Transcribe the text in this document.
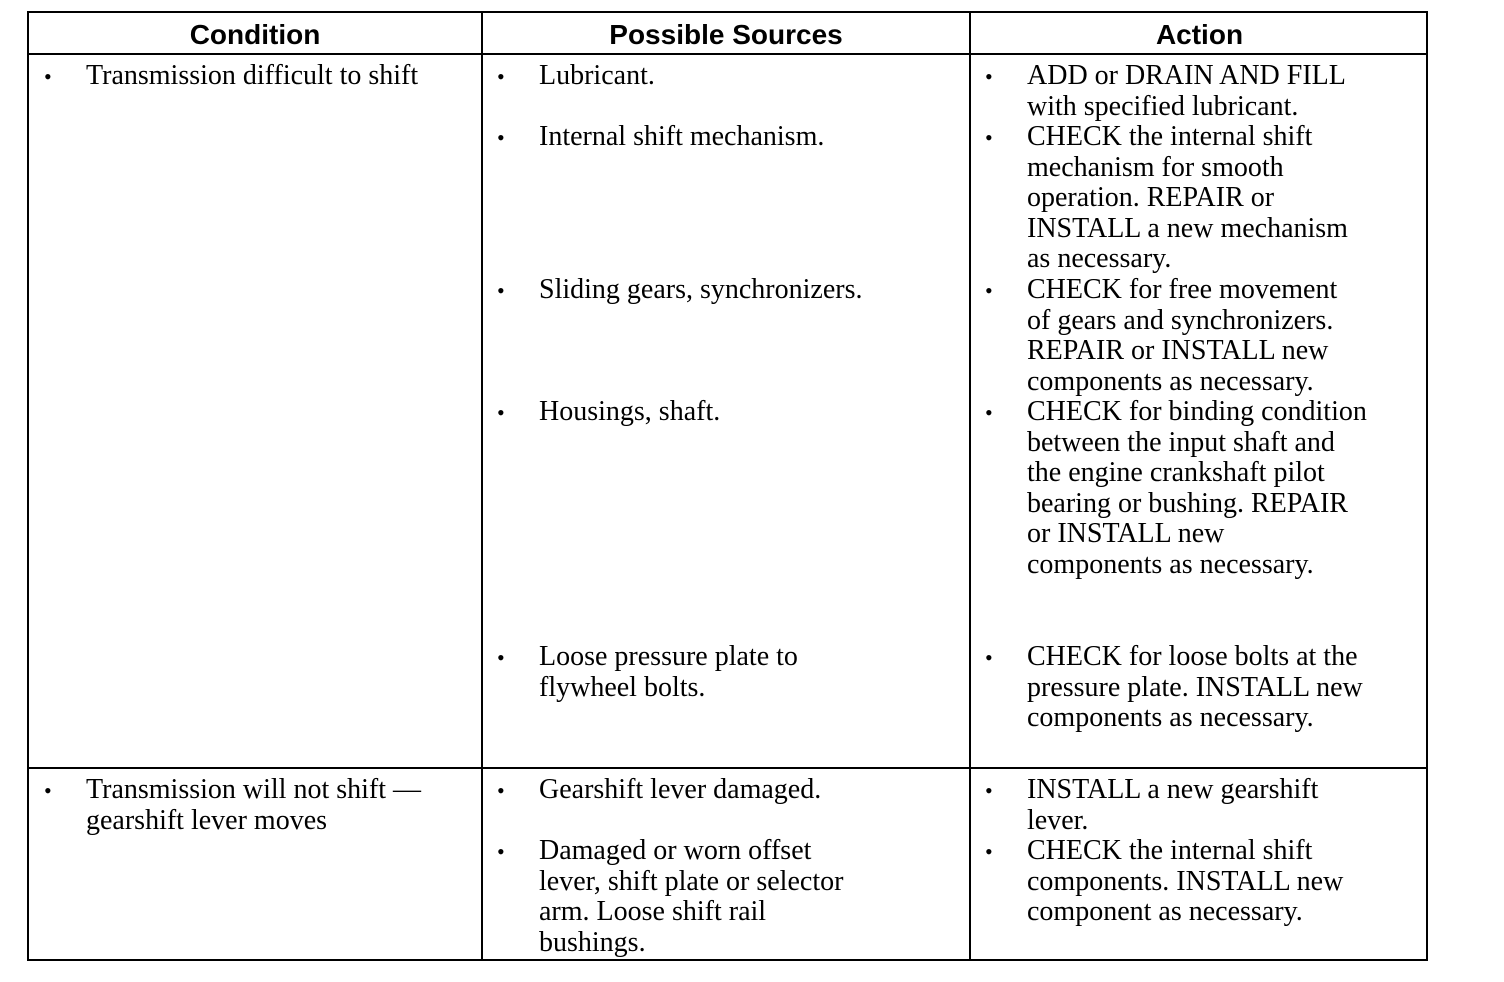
Condition	Possible Sources	Action
•
Transmission difficult to shift
•	Lubricant.
•
Internal shift mechanism.
•
Sliding gears, synchronizers.
•
Housings, shaft.
•
Loose pressure plate to
flywheel bolts.
•
ADD or DRAIN AND FILL
with specified lubricant.
•
CHECK the internal shift
mechanism for smooth
operation. REPAIR or
INSTALL a new mechanism
as necessary.
•
CHECK for free movement
of gears and synchronizers.
REPAIR or INSTALL new
components as necessary.
•
CHECK for binding condition
between the input shaft and
the engine crankshaft pilot
bearing or bushing. REPAIR
or INSTALL new
components as necessary.
•
CHECK for loose bolts at the
pressure plate. INSTALL new
components as necessary.
•
Transmission will not shift —
gearshift lever moves
•
Gearshift lever damaged.
•
Damaged or worn offset
lever, shift plate or selector
arm. Loose shift rail
bushings.
•
INSTALL a new gearshift
lever.
•
CHECK the internal shift
components. INSTALL new
component as necessary.
